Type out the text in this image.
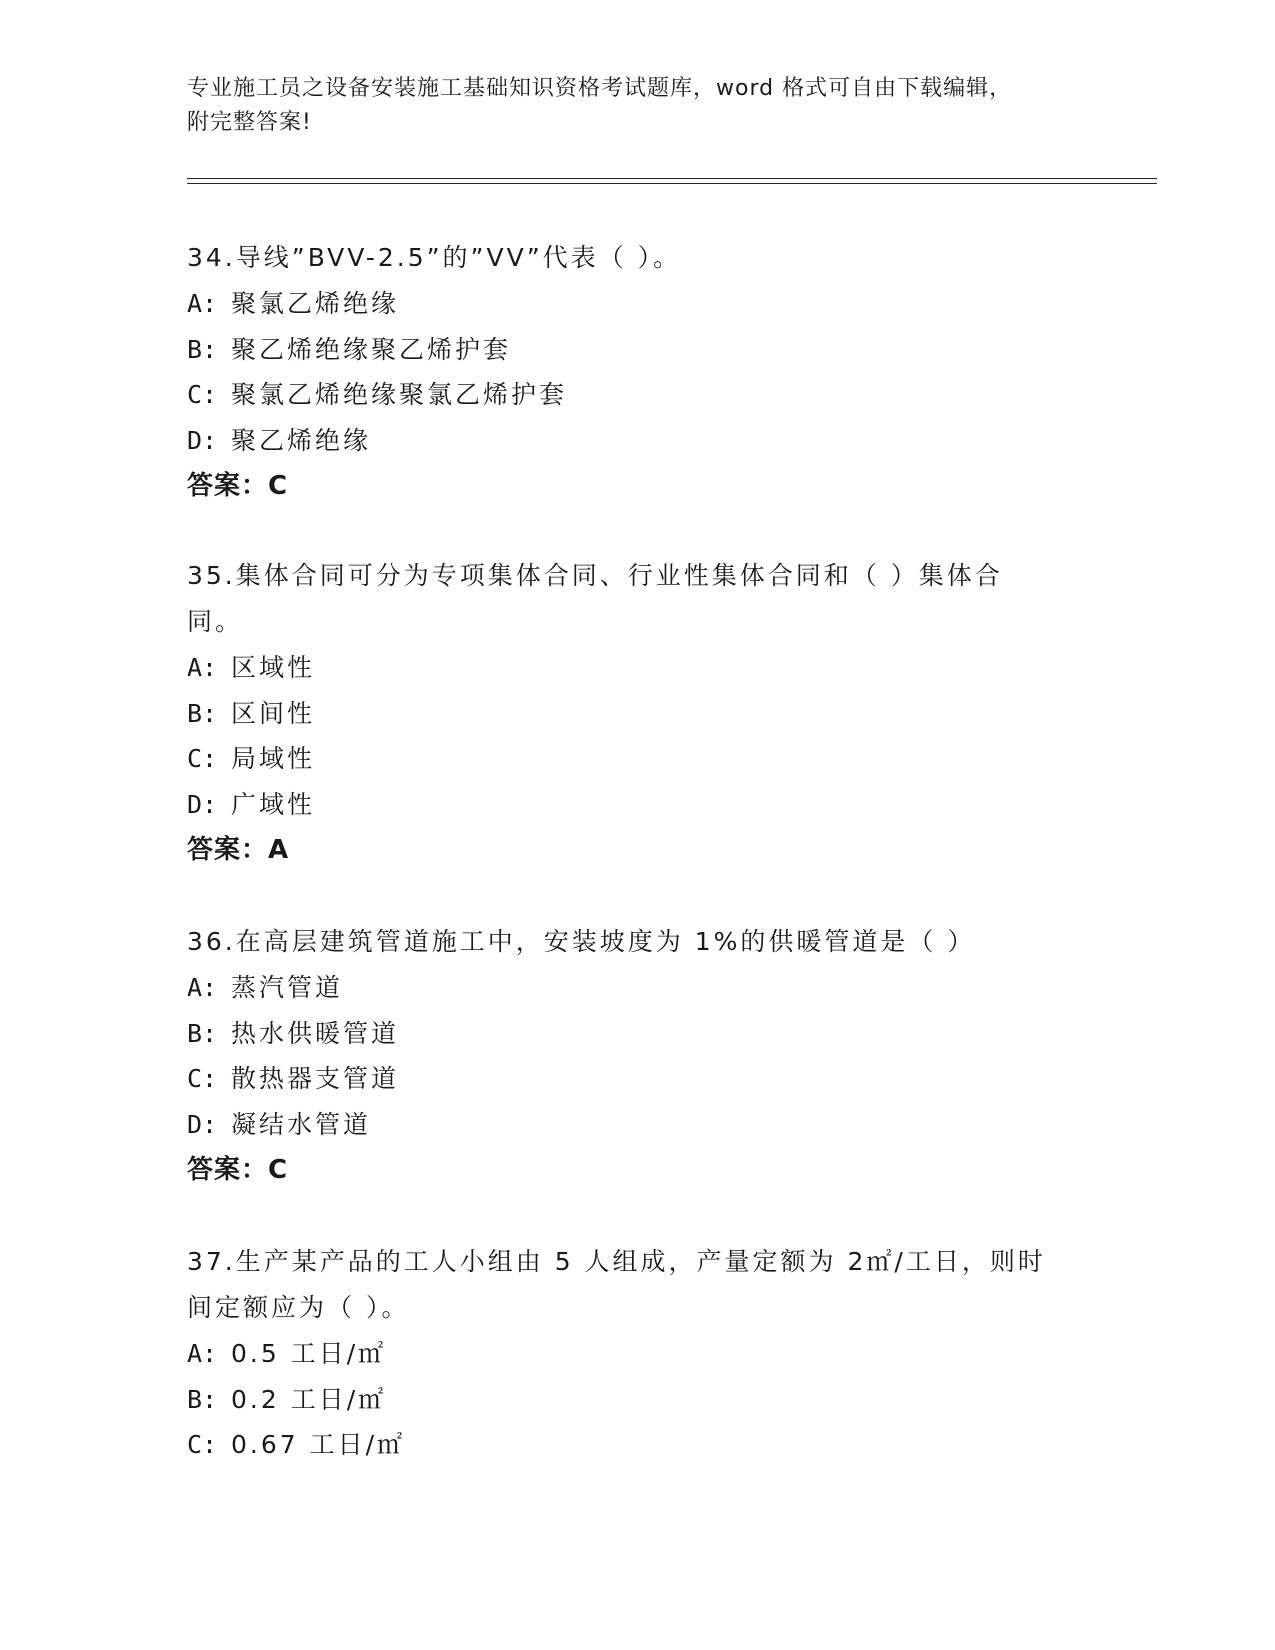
专业施工员之设备安装施工基础知识资格考试题库，word 格式可自由下载编辑，
附完整答案!

34.导线”BVV-2.5”的”VV”代表（ ）。

A: 聚氯乙烯绝缘

B: 聚乙烯绝缘聚乙烯护套

C: 聚氯乙烯绝缘聚氯乙烯护套

D: 聚乙烯绝缘

答案：C

35.集体合同可分为专项集体合同、行业性集体合同和（ ）集体合同。

A: 区域性

B: 区间性

C: 局域性

D: 广域性

答案：A

36.在高层建筑管道施工中，安装坡度为 1%的供暖管道是（ ）

A: 蒸汽管道

B: 热水供暖管道

C: 散热器支管道

D: 凝结水管道

答案：C

37.生产某产品的工人小组由 5 人组成，产量定额为 2㎡/工日，则时间定额应为（ ）。

A: 0.5 工日/㎡

B: 0.2 工日/㎡

C: 0.67 工日/㎡
